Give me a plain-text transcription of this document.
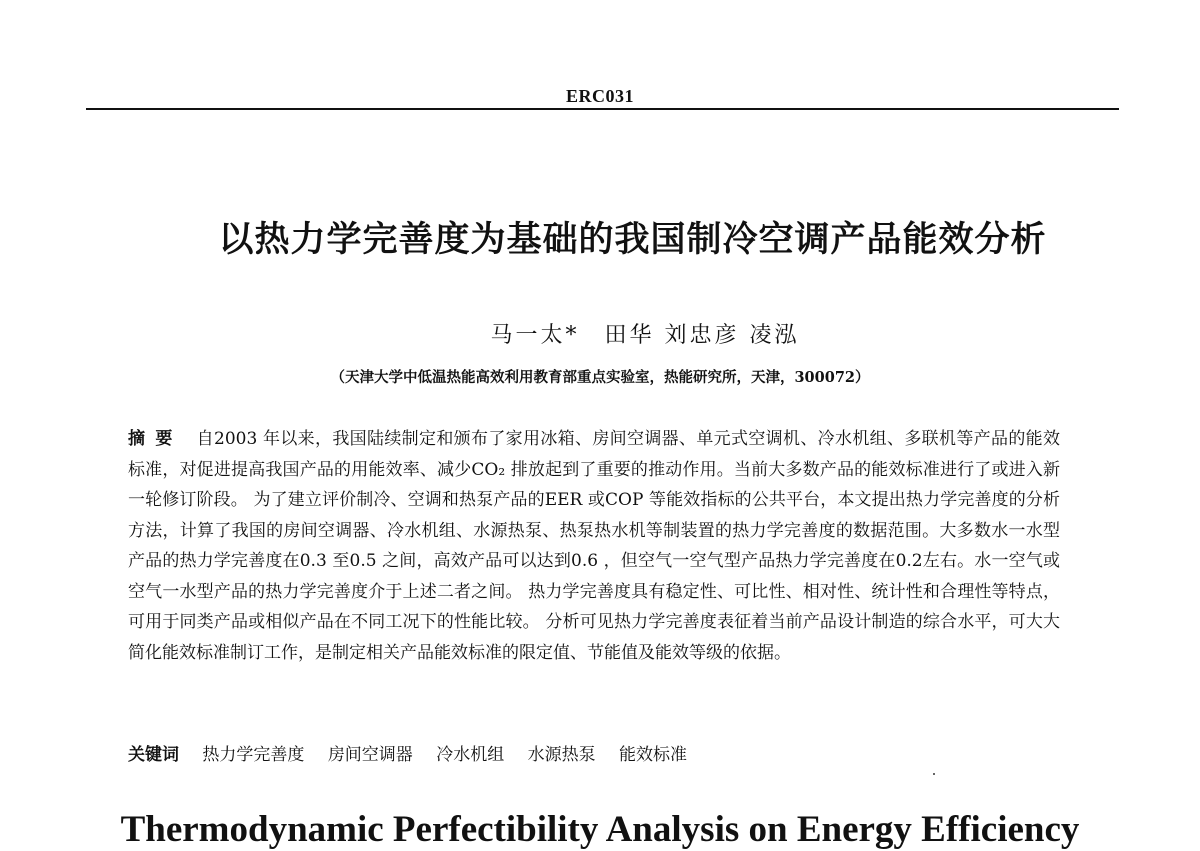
ERC031
以热力学完善度为基础的我国制冷空调产品能效分析
马一太*　田华 刘忠彦 凌泓
（天津大学中低温热能高效利用教育部重点实验室，热能研究所，天津，300072）
摘要 自2003 年以来，我国陆续制定和颁布了家用冰箱、房间空调器、单元式空调机、冷水机组、多联机等产品的能效标准，对促进提高我国产品的用能效率、减少CO₂ 排放起到了重要的推动作用。当前大多数产品的能效标准进行了或进入新一轮修订阶段。 为了建立评价制冷、空调和热泵产品的EER 或COP 等能效指标的公共平台，本文提出热力学完善度的分析方法，计算了我国的房间空调器、冷水机组、水源热泵、热泵热水机等制装置的热力学完善度的数据范围。大多数水一水型产品的热力学完善度在0.3 至0.5 之间，高效产品可以达到0.6 ，但空气一空气型产品热力学完善度在0.2左右。水一空气或空气一水型产品的热力学完善度介于上述二者之间。 热力学完善度具有稳定性、可比性、相对性、统计性和合理性等特点，可用于同类产品或相似产品在不同工况下的性能比较。 分析可见热力学完善度表征着当前产品设计制造的综合水平，可大大简化能效标准制订工作，是制定相关产品能效标准的限定值、节能值及能效等级的依据。
关键词 热力学完善度 房间空调器 冷水机组 水源热泵 能效标准
Thermodynamic Perfectibility Analysis on Energy Efficiency
